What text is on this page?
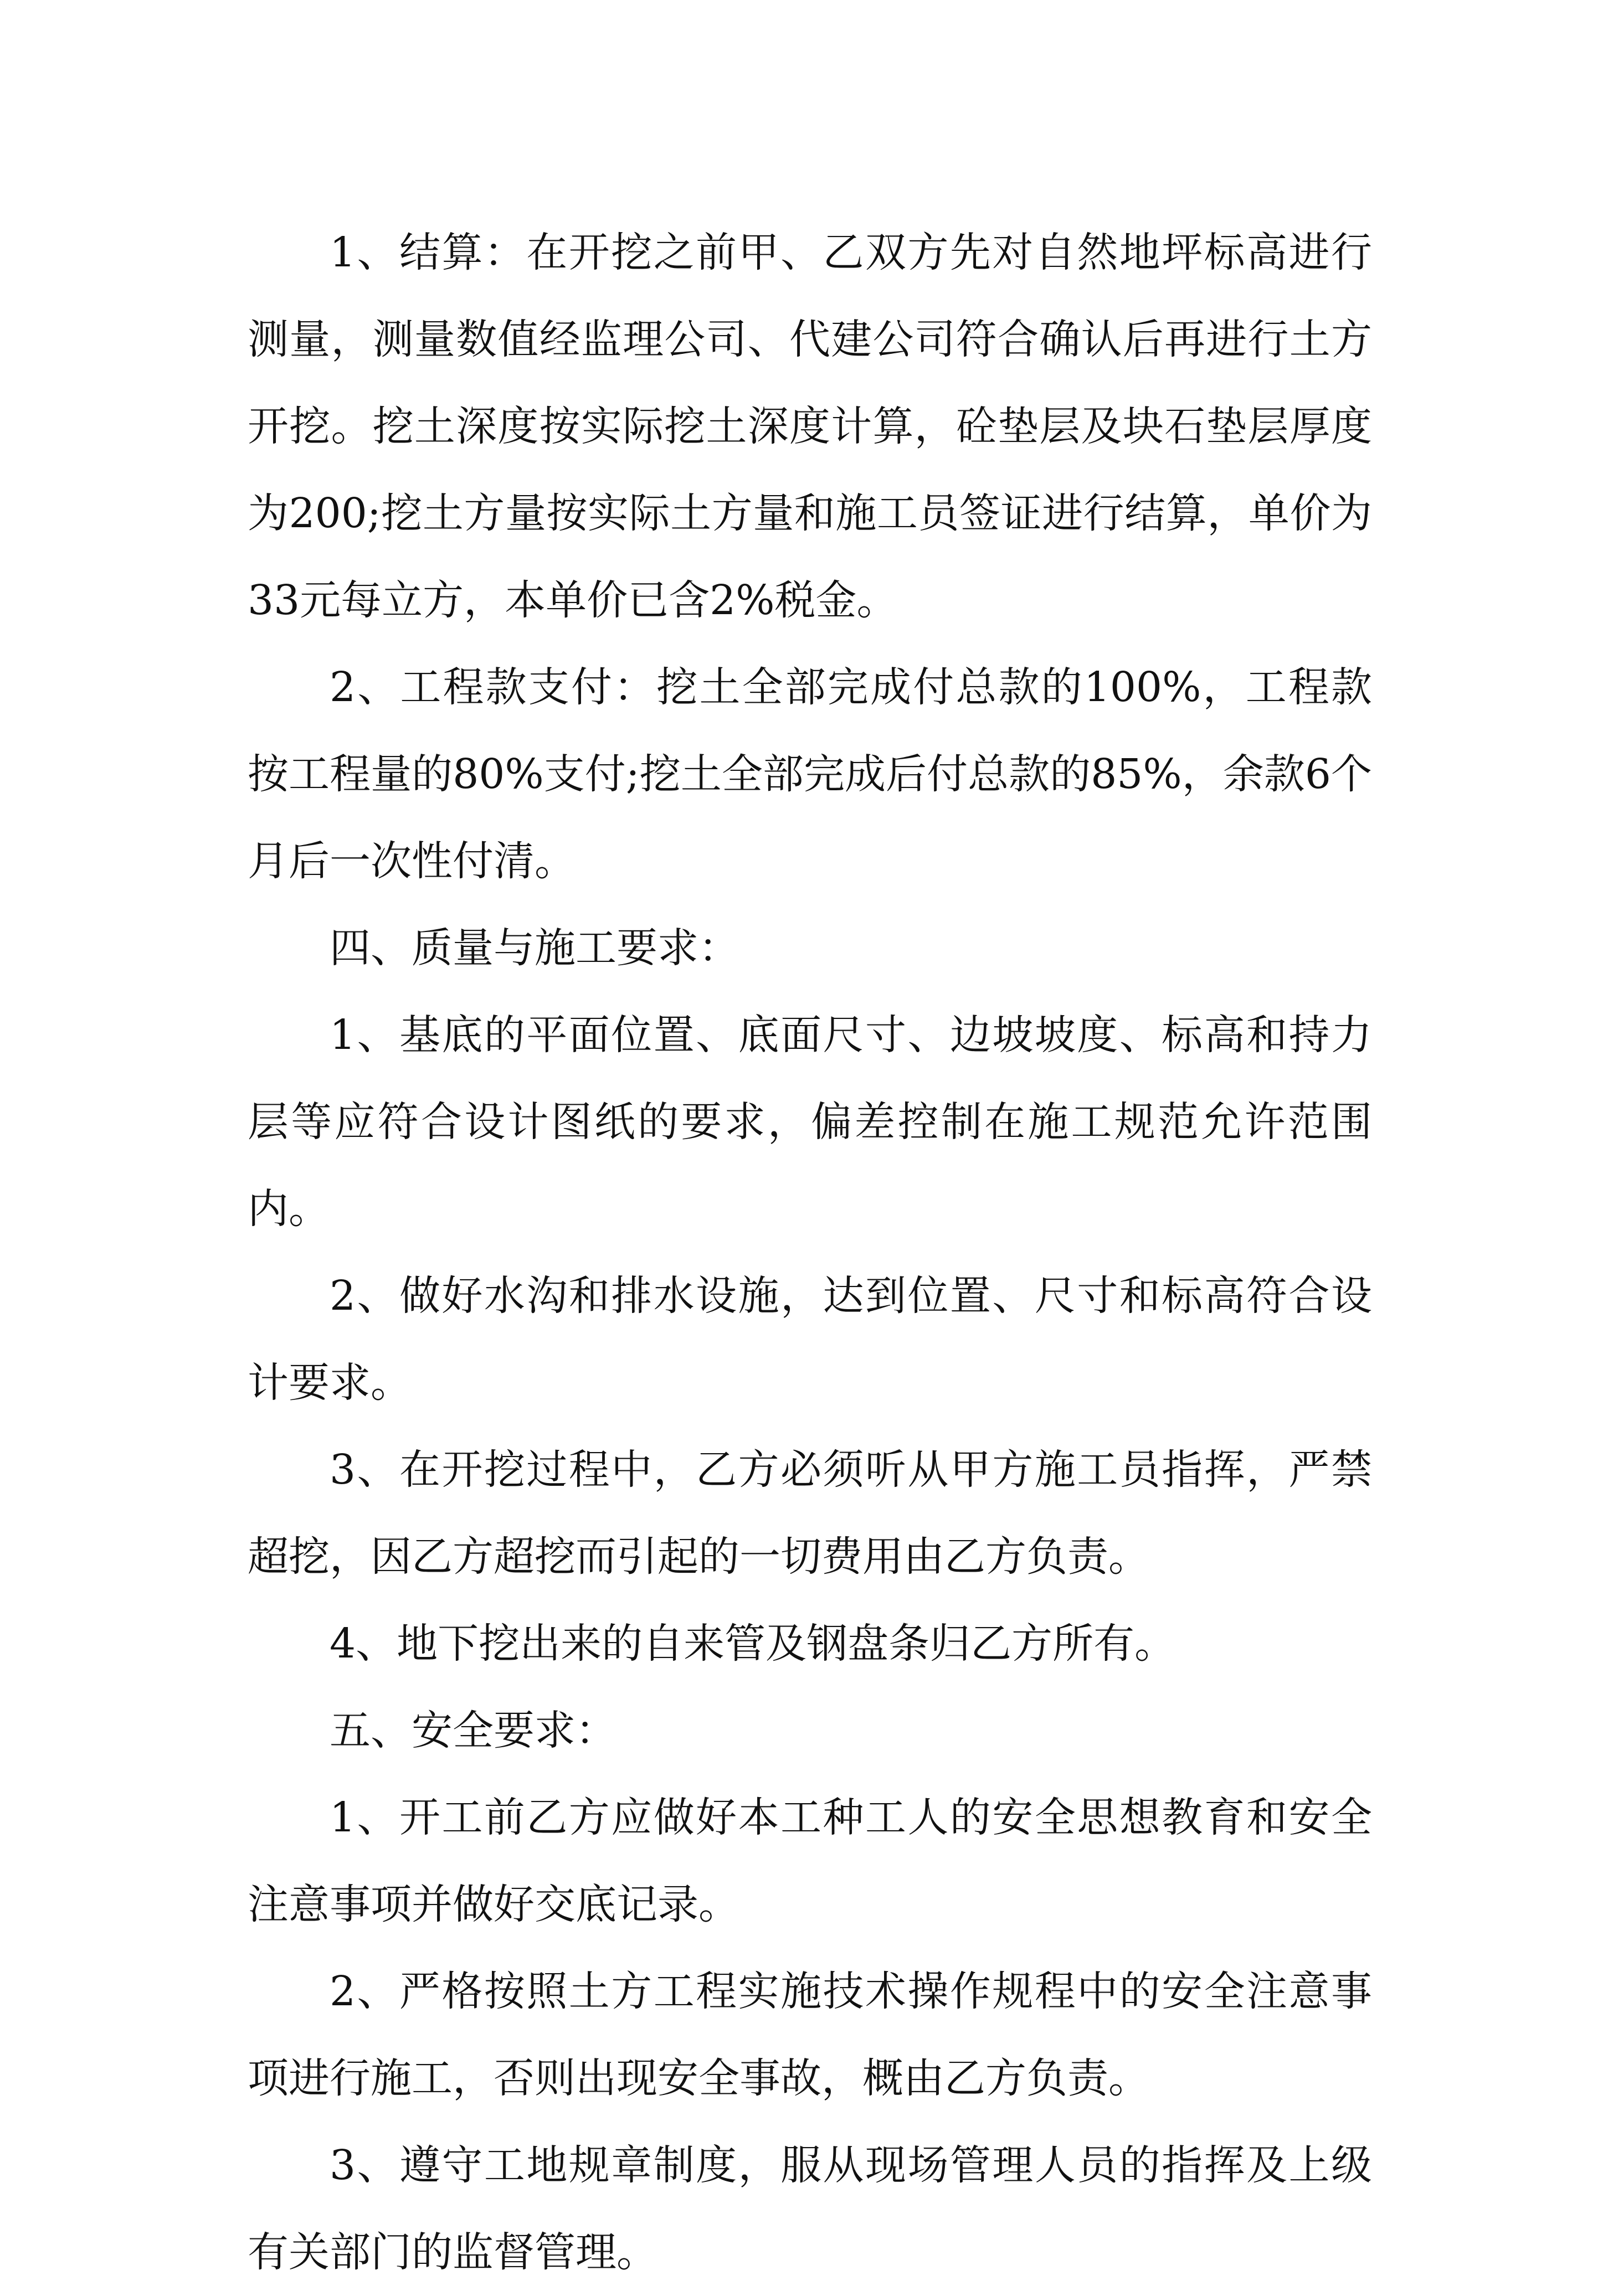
1、结算：在开挖之前甲、乙双方先对自然地坪标高进行测量，测量数值经监理公司、代建公司符合确认后再进行土方开挖。挖土深度按实际挖土深度计算，砼垫层及块石垫层厚度为200;挖土方量按实际土方量和施工员签证进行结算，单价为33元每立方，本单价已含2%税金。

2、工程款支付：挖土全部完成付总款的100%，工程款按工程量的80%支付;挖土全部完成后付总款的85%，余款6个月后一次性付清。

四、质量与施工要求：

1、基底的平面位置、底面尺寸、边坡坡度、标高和持力层等应符合设计图纸的要求，偏差控制在施工规范允许范围内。

2、做好水沟和排水设施，达到位置、尺寸和标高符合设计要求。

3、在开挖过程中，乙方必须听从甲方施工员指挥，严禁超挖，因乙方超挖而引起的一切费用由乙方负责。

4、地下挖出来的自来管及钢盘条归乙方所有。

五、安全要求：

1、开工前乙方应做好本工种工人的安全思想教育和安全注意事项并做好交底记录。

2、严格按照土方工程实施技术操作规程中的安全注意事项进行施工，否则出现安全事故，概由乙方负责。

3、遵守工地规章制度，服从现场管理人员的指挥及上级有关部门的监督管理。
